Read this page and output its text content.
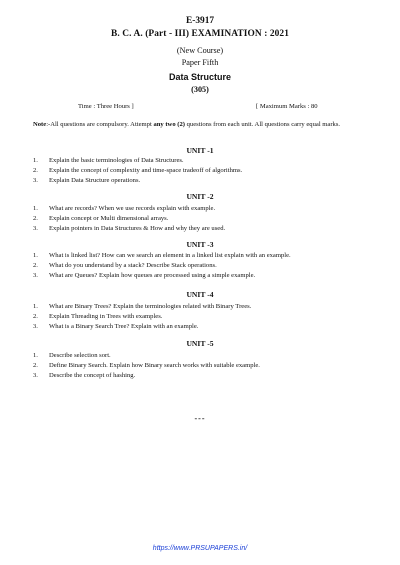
E-3917
B. C. A. (Part - III) EXAMINATION : 2021
(New Course)
Paper Fifth
Data Structure
(305)
Time : Three Hours ]	[ Maximum Marks : 80
Note:-All questions are compulsory. Attempt any two (2) questions from each unit. All questions carry equal marks.
UNIT -1
1.	Explain the basic terminologies of Data Structures.
2.	Explain the concept of complexity and time-space tradeoff of algorithms.
3.	Explain Data Structure operations.
UNIT -2
1.	What are records? When we use records explain with example.
2.	Explain concept or Multi dimensional arrays.
3.	Explain pointers in Data Structures & How and why they are used.
UNIT -3
1.	What is linked list? How can we search an element in a linked list explain with an example.
2.	What do you understand by a stack? Describe Stack operations.
3.	What are Queues? Explain how queues are processed using a simple example.
UNIT -4
1.	What are Binary Trees? Explain the terminologies related with Binary Trees.
2.	Explain Threading in Trees with examples.
3.	What is a Binary Search Tree? Explain with an example.
UNIT -5
1.	Describe selection sort.
2.	Define Binary Search. Explain how Binary search works with suitable example.
3.	Describe the concept of hashing.
---
https://www.PRSUPAPERS.in/
